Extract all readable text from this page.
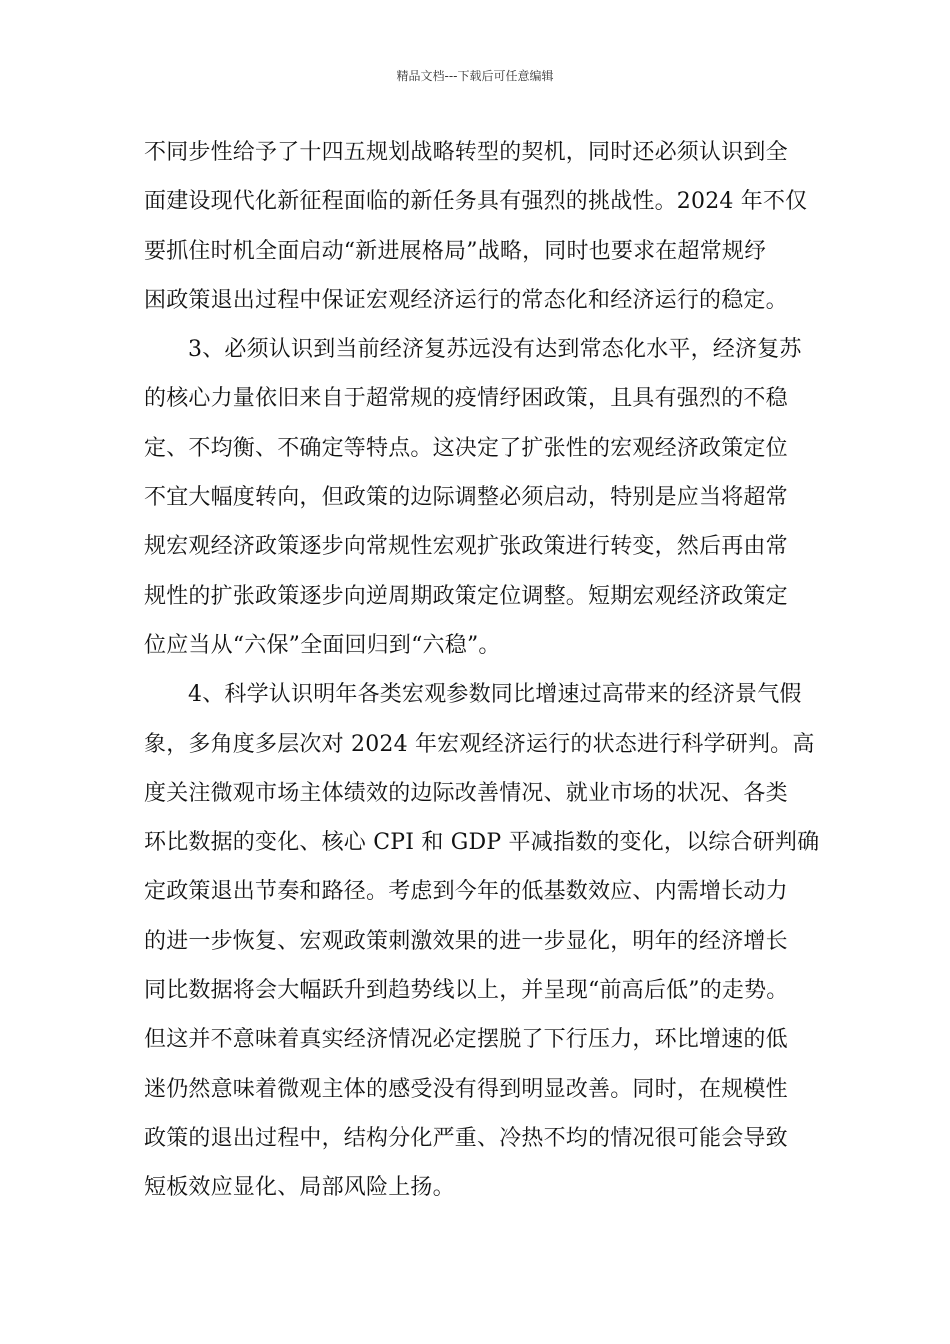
精品文档---下载后可任意编辑
不同步性给予了十四五规划战略转型的契机，同时还必须认识到全
面建设现代化新征程面临的新任务具有强烈的挑战性。2024 年不仅
要抓住时机全面启动“新进展格局”战略，同时也要求在超常规纾
困政策退出过程中保证宏观经济运行的常态化和经济运行的稳定。
3、必须认识到当前经济复苏远没有达到常态化水平，经济复苏
的核心力量依旧来自于超常规的疫情纾困政策，且具有强烈的不稳
定、不均衡、不确定等特点。这决定了扩张性的宏观经济政策定位
不宜大幅度转向，但政策的边际调整必须启动，特别是应当将超常
规宏观经济政策逐步向常规性宏观扩张政策进行转变，然后再由常
规性的扩张政策逐步向逆周期政策定位调整。短期宏观经济政策定
位应当从“六保”全面回归到“六稳”。
4、科学认识明年各类宏观参数同比增速过高带来的经济景气假
象，多角度多层次对 2024 年宏观经济运行的状态进行科学研判。高
度关注微观市场主体绩效的边际改善情况、就业市场的状况、各类
环比数据的变化、核心 CPI 和 GDP 平减指数的变化，以综合研判确
定政策退出节奏和路径。考虑到今年的低基数效应、内需增长动力
的进一步恢复、宏观政策刺激效果的进一步显化，明年的经济增长
同比数据将会大幅跃升到趋势线以上，并呈现“前高后低”的走势。
但这并不意味着真实经济情况必定摆脱了下行压力，环比增速的低
迷仍然意味着微观主体的感受没有得到明显改善。同时，在规模性
政策的退出过程中，结构分化严重、冷热不均的情况很可能会导致
短板效应显化、局部风险上扬。
